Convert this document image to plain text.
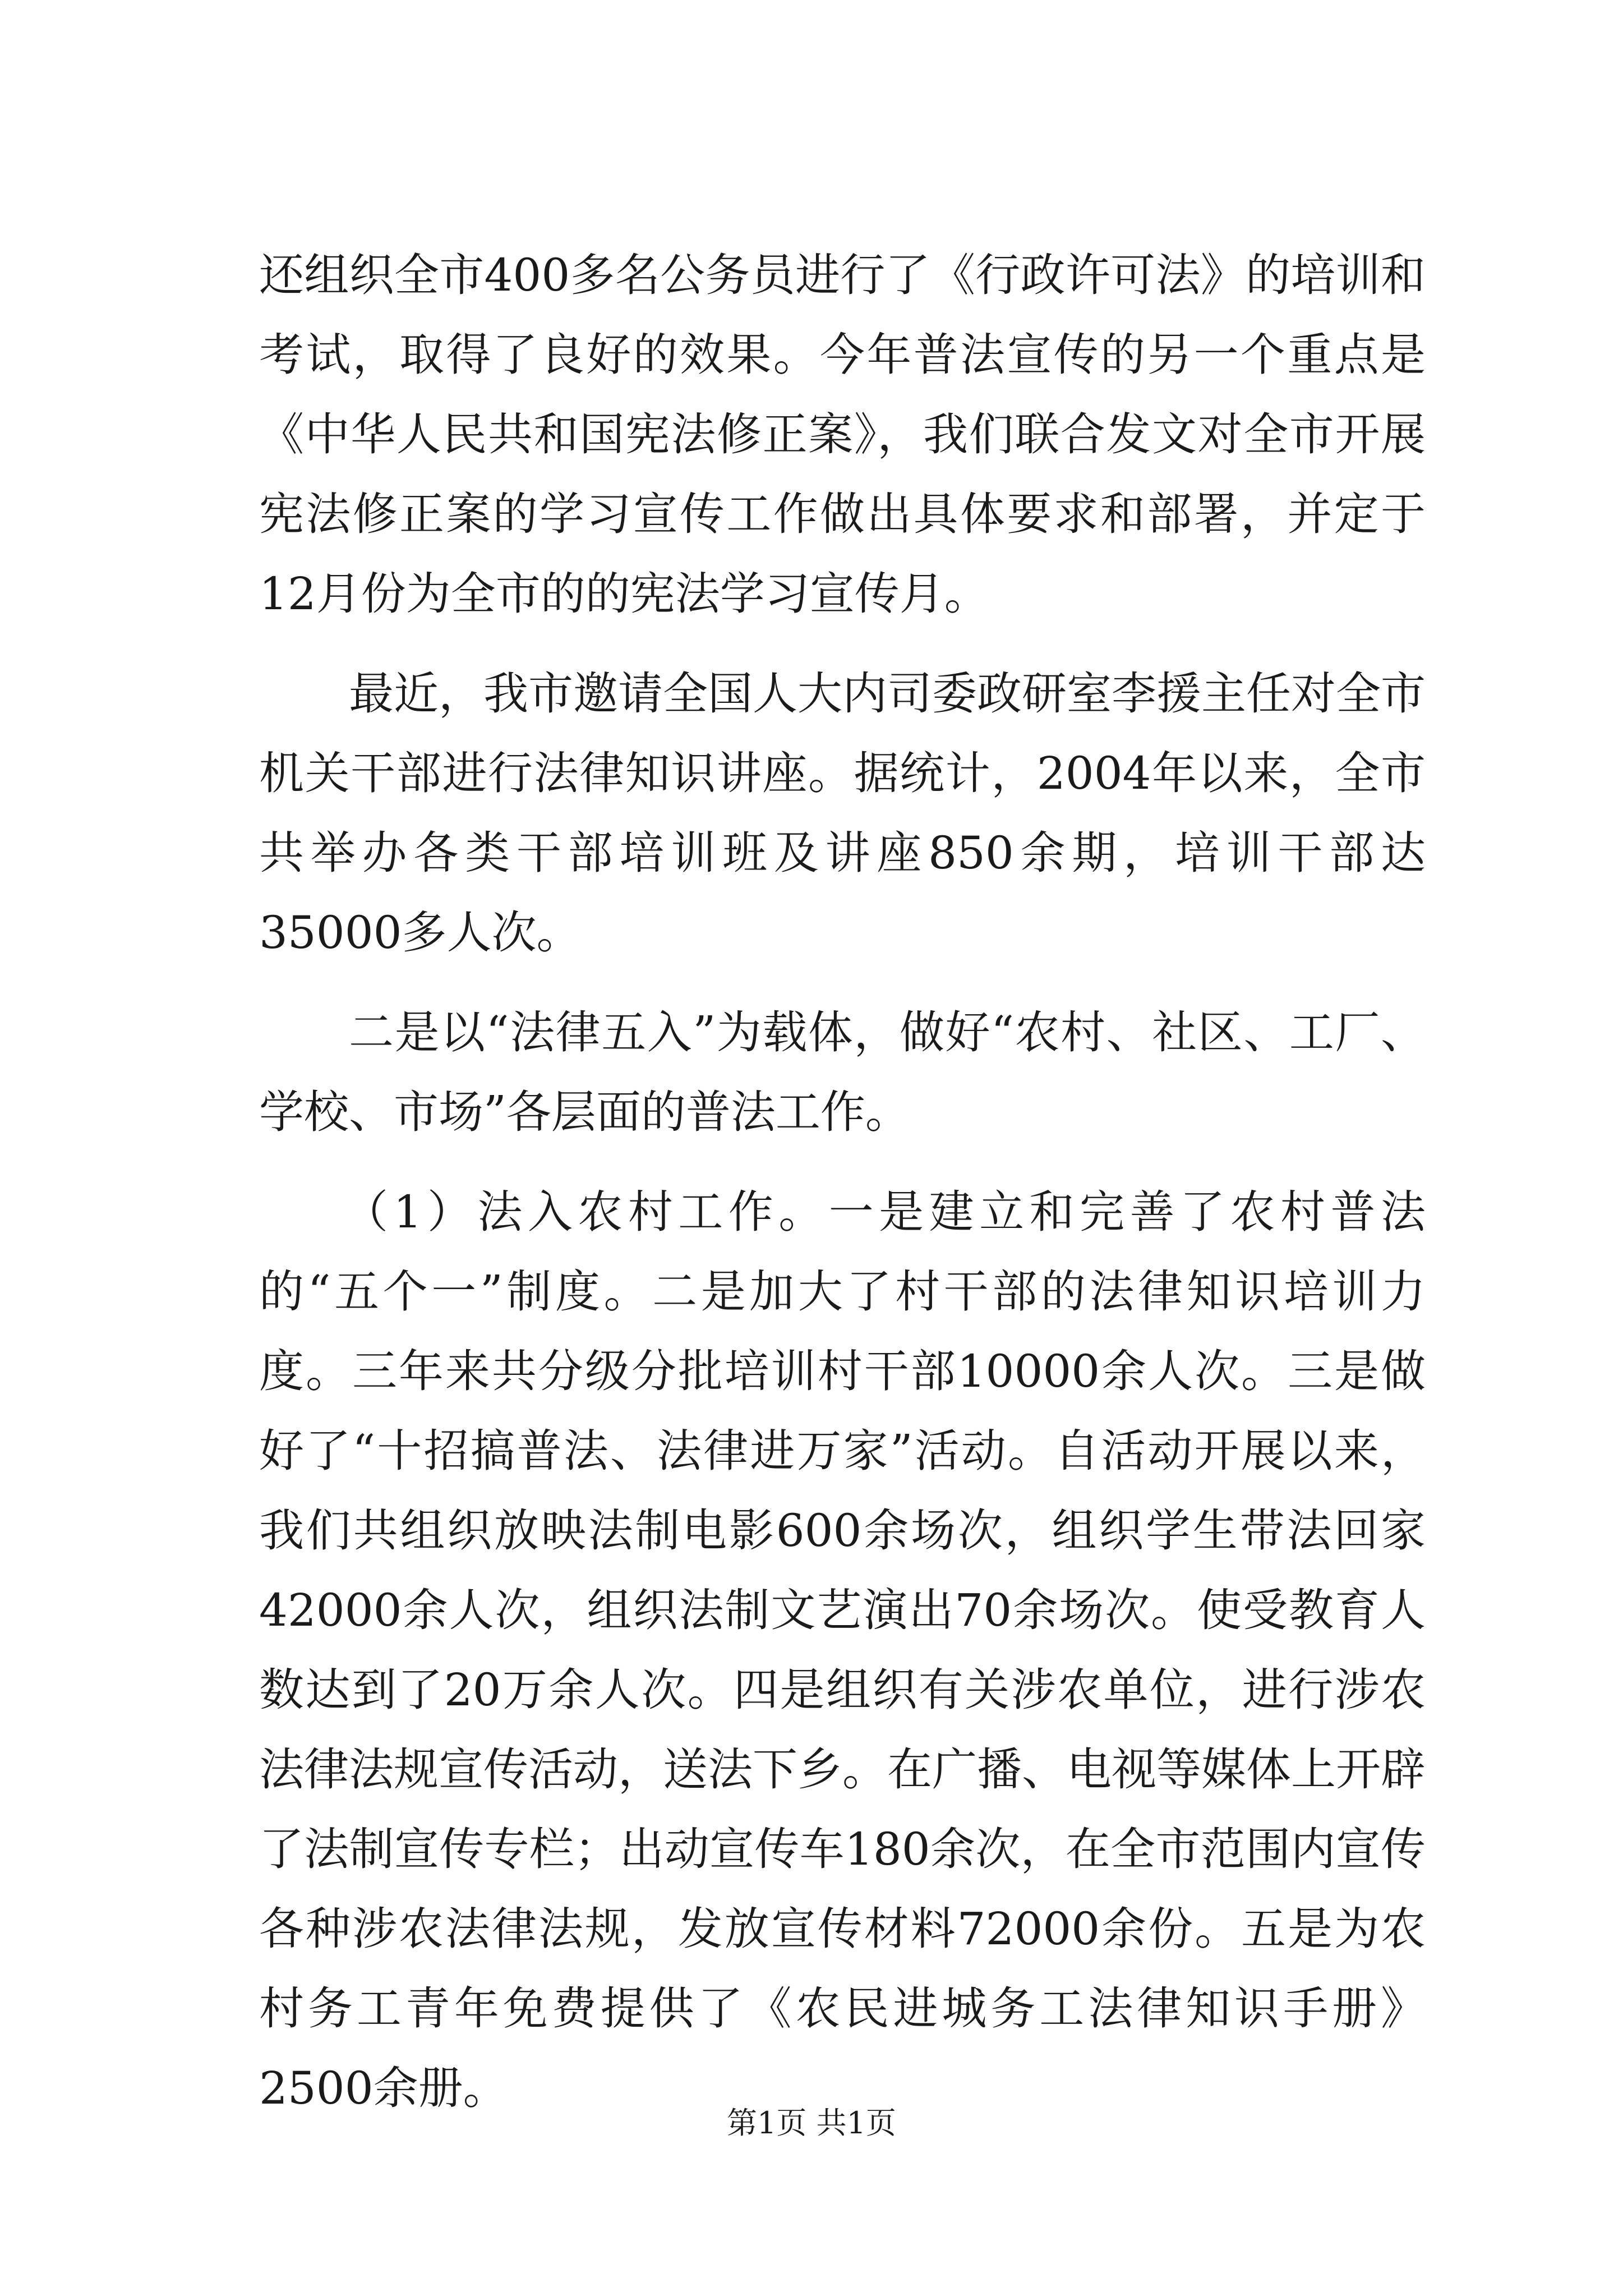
还组织全市400多名公务员进行了《行政许可法》的培训和考试，取得了良好的效果。今年普法宣传的另一个重点是《中华人民共和国宪法修正案》，我们联合发文对全市开展宪法修正案的学习宣传工作做出具体要求和部署，并定于12月份为全市的的宪法学习宣传月。

最近，我市邀请全国人大内司委政研室李援主任对全市机关干部进行法律知识讲座。据统计，2004年以来，全市共举办各类干部培训班及讲座850余期，培训干部达35000多人次。

二是以“法律五入”为载体，做好“农村、社区、工厂、学校、市场”各层面的普法工作。

（1）法入农村工作。一是建立和完善了农村普法的“五个一”制度。二是加大了村干部的法律知识培训力度。三年来共分级分批培训村干部10000余人次。三是做好了“十招搞普法、法律进万家”活动。自活动开展以来，我们共组织放映法制电影600余场次，组织学生带法回家42000余人次，组织法制文艺演出70余场次。使受教育人数达到了20万余人次。四是组织有关涉农单位，进行涉农法律法规宣传活动，送法下乡。在广播、电视等媒体上开辟了法制宣传专栏；出动宣传车180余次，在全市范围内宣传各种涉农法律法规，发放宣传材料72000余份。五是为农村务工青年免费提供了《农民进城务工法律知识手册》2500余册。

第1页 共1页
